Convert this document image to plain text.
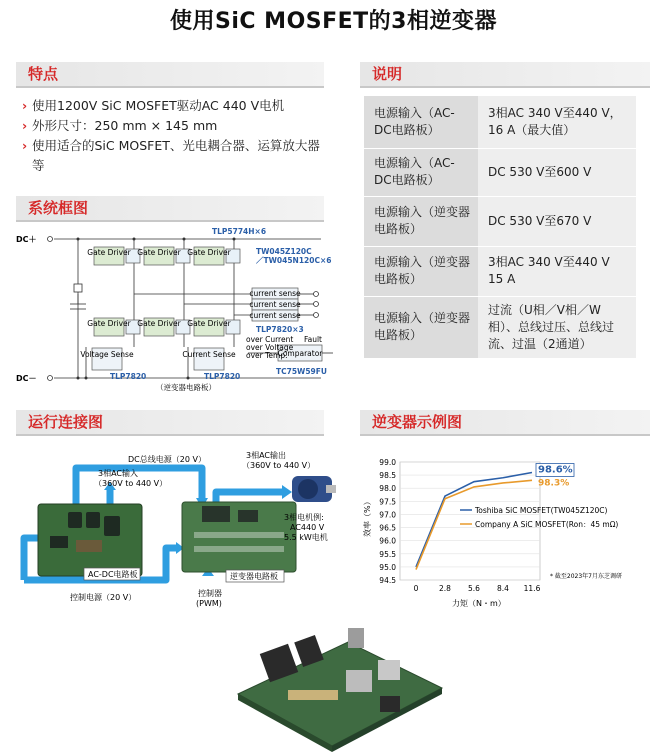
使用SiC MOSFET的3相逆变器
特点	说明
系统框图
运行连接图	逆变器示例图
› 使用1200V SiC MOSFET驱动AC 440 V电机
› 外形尺寸：250 mm × 145 mm
› 使用适合的SiC MOSFET、光电耦合器、运算放大器等
电源输入（AC-DC电路板）	3相AC 340 V至440 V，16 A（最大值）
电源输入（AC-DC电路板）	DC 530 V至600 V
电源输入（逆变器电路板）	DC 530 V至670 V
电源输入（逆变器电路板）	3相AC 340 V至440 V 15 A
电源输入（逆变器电路板）	过流（U相／V相／W相）、总线过压、总线过流、过温（2通道）
Gate Driver Gate Driver Gate Driver
Gate Driver Gate Driver Gate Driver
current sense
current sense
current sense
Voltage Sense	Current Sense	Comparator
DC＋
DC－
TLP5774H×6
TW045Z120C
／TW045N120C×6
TLP7820×3
TLP7820	TLP7820
over Current
over Voltage
over Temp.
Fault
TC75W59FU
（逆变器电路板）
DC总线电源（20 V）
3相AC输入
（360V to 440 V）
3相AC输出
（360V to 440 V）
3相电机例:
AC440 V
5.5 kW电机
AC-DC电路板	逆变器电路板
控制电源（20 V）	控制器
(PWM)
94.5
95.0
95.5
96.0
96.5
97.0
97.5
98.0
98.5
99.0
0	2.8 5.6 8.4 11.6
98.6%
98.3%
效率（%）
力矩（N・m）
Toshiba SiC MOSFET(TW045Z120C)
Company A SiC MOSFET(Ron：45 mΩ)
* 截至2023年7月东芝调研
